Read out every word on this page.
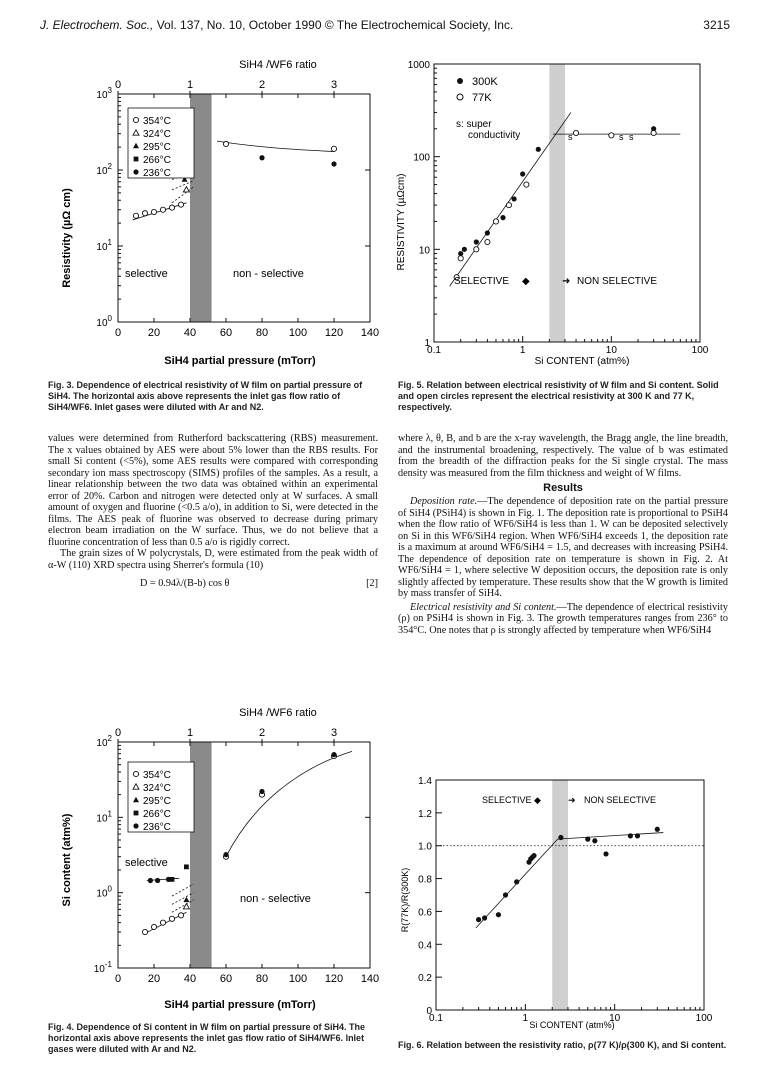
J. Electrochem. Soc., Vol. 137, No. 10, October 1990 © The Electrochemical Society, Inc.	3215
SiH4 /WF6 ratio
0	1	2	3
0 20 40 60 80 100 120 140
$10^0$
$10^1$
$10^2$
$10^3$
354°C
324°C
295°C
266°C
236°C
selective	non - selective
SiH4 partial pressure (mTorr)
Resistivity (µΩ cm)
Fig. 3. Dependence of electrical resistivity of W film on partial pressure of SiH4. The horizontal axis above represents the inlet gas flow ratio of SiH4/WF6. Inlet gases were diluted with Ar and N2.
0.1	1	10	100
1
10
100
1000
300K
77K
s: super
conductivity	s	s s
SELECTIVE ◆	➜ NON SELECTIVE
Si CONTENT (atm%)
RESISTIVITY (µΩcm)
Fig. 5. Relation between electrical resistivity of W film and Si content. Solid and open circles represent the electrical resistivity at 300 K and 77 K, respectively.

values were determined from Rutherford backscattering (RBS) measurement. The x values obtained by AES were about 5% lower than the RBS results. For small Si content (<5%), some AES results were compared with corresponding secondary ion mass spectroscopy (SIMS) profiles of the samples. As a result, a linear relationship between the two data was obtained within an experimental error of 20%. Carbon and nitrogen were detected only at W surfaces. A small amount of oxygen and fluorine (<0.5 a/o), in addition to Si, were detected in the films. The AES peak of fluorine was observed to decrease during primary electron beam irradiation on the W surface. Thus, we do not believe that a fluorine concentration of less than 0.5 a/o is rigidly correct.

The grain sizes of W polycrystals, D, were estimated from the peak width of α-W (110) XRD spectra using Sherrer's formula (10)

D = 0.94λ/(B-b) cos θ	[2]

where λ, θ, B, and b are the x-ray wavelength, the Bragg angle, the line breadth, and the instrumental broadening, respectively. The value of b was estimated from the breadth of the diffraction peaks for the Si single crystal. The mass density was measured from the film thickness and weight of W films.

Results

Deposition rate.—The dependence of deposition rate on the partial pressure of SiH4 (PSiH4) is shown in Fig. 1. The deposition rate is proportional to PSiH4 when the flow ratio of WF6/SiH4 is less than 1. W can be deposited selectively on Si in this WF6/SiH4 region. When WF6/SiH4 exceeds 1, the deposition rate is a maximum at around WF6/SiH4 = 1.5, and decreases with increasing PSiH4. The dependence of deposition rate on temperature is shown in Fig. 2. At WF6/SiH4 = 1, where selective W deposition occurs, the deposition rate is only slightly affected by temperature. These results show that the W growth is limited by mass transfer of SiH4.

Electrical resistivity and Si content.—The dependence of electrical resistivity (ρ) on PSiH4 is shown in Fig. 3. The growth temperatures ranges from 236° to 354°C. One notes that ρ is strongly affected by temperature when WF6/SiH4

SiH4 /WF6 ratio
0	1	2	3
0 20 40 60 80 100 120 140
$10^{-1}$
$10^0$
$10^1$
$10^2$
354°C
324°C
295°C
266°C
236°C
selective
non - selective
SiH4 partial pressure (mTorr)
Si content (atm%)
Fig. 4. Dependence of Si content in W film on partial pressure of SiH4. The horizontal axis above represents the inlet gas flow ratio of SiH4/WF6. Inlet gases were diluted with Ar and N2.
0.1	1	10	100
0
0.2
0.4
0.6
0.8
1.0
1.2
1.4
SELECTIVE ◆	➜ NON SELECTIVE
Si CONTENT (atm%)
R(77K)/R(300K)
Fig. 6. Relation between the resistivity ratio, ρ(77 K)/ρ(300 K), and Si content.
